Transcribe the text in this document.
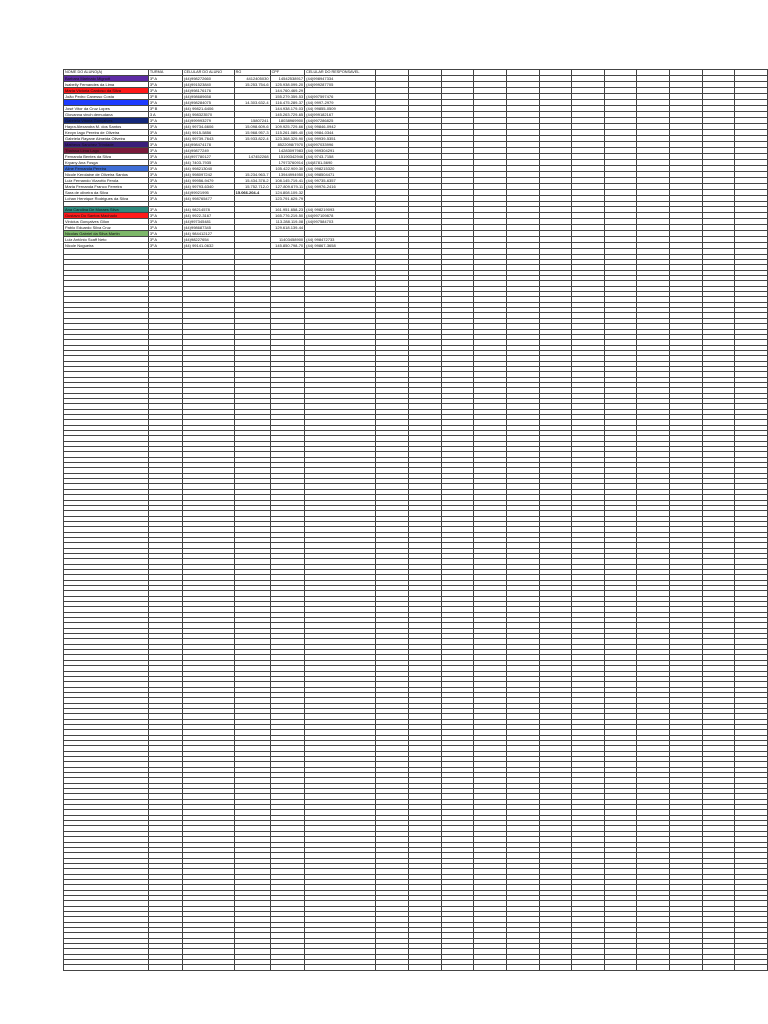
NOME DO ALUNO(A)	TURMA	CELULAR DO ALUNO	RG	CPF	CELULAR DO RESPONSAVEL												
Barbara Marinato Mignott	3º A	(44)998272660	4412405030	14542538917	(44)998947334												
Isabelly Fernandes da Lima	3º A	(44)991523840	15.253.754-6	125.938.099-20	(44)999287705												
Maria Victoria Cardoso da Silva	3º A	(44)998176176		144.760.469-29													
João Pedro Canesso Costa	3º B	(44)998689658		155.279.359-53	(44)997597476												
	3º A	(44)998284075	14.303.632-4	116.475.289-37	(44) 9997-2979												
José Vitor da Cruz Lopes	3º B	(44) 99821-6406		144.938.179-03	(44) 99855-0509												
Giovanna vinch demudana	3 A	(44) 998323570		145.263.729-65	(44)999182167												
Gabriela Vitória Gonçalves	3º A	(44)999993279	15807241	18038969900	(44)997286825												
Hayra Alexandra M. dos Santos	3º A	(44) 99734-6606	15.098.609-6	109.925.729-66	(44) 99846-0942												
Kevyn Iago Pereira de Oliveira	3º A	(44) 9915-5856	15.968.957-3	115.261.089-40	(44) 9984-0344												
Gabriela Rayane Almeida Oliveira	3º A	(44) 99739-7643	15.933.822-4	123.368.329-90	(44) 99939-5351												
Matheus Sanchez Trindade	3º A	(44)998474178		8522098/7970	(44)997033996												
Thaíssa Lima Lago	3º A	(44)99877249		14283097983	(44) 999304291												
Fernanda Bentes da Silva	3º A	(44)997780127	147452268	15190342946	(44) 9743-7158												
Kryany Ana Fosga	3º A	(44) 7403-7935		17973760914	(44)8781-5690												
Aline Fernanda Pereira	3º A	(44) 998213040		105.422.909.30	(44) 998215320												
Nicole Kerolaine de Oliveira Santos	3º A	(44) 998097242	15.234.963-7	13944994950	(44) 998504471												
Luiz Fernando Vizzotto Ferola	3º A	(44) 99956-9479	15.434.378-2	108.145.719-41	(44) 99735-6357												
Maria Fernanda Franco Ferreira	3º A	(44) 99793-6340	15.752.712-0	127.809.679-11	(44) 99976-2416												
Sara de oliveira da Silva	3º A	(44)99921995	15.066.204-4	124.808.109-32													
Lohan Henrique Rodrigues da Silva	3º A	(44) 998765477		123.791.629-79													

Ana Carolina De Moraes Silva	3º A	(44) 98214578		161.951.658-23	(44) 998219093												
Gustavo Do Santos Machado	3º A	(44) 9922-3167		165.776.219-50	(44)997109878												
Vinicius Gonçalves Gilon	3º A	(44)997345481		113.288.119-08	(44)997584703												
Pablo Eduardo Silva Cruz	3º A	(44)998687345		129.618.139-44													
Nicolas Gabriel da Silva Martin	3º A	(44) 984412127															
Luiz Antônio Scaff Neto	3º A	(44)98227654		11403458900	(44) 998472733												
Nicole Nogueira	3º A	(44) 99141-0632		145.850.798-70	(44) 99867-3658												
